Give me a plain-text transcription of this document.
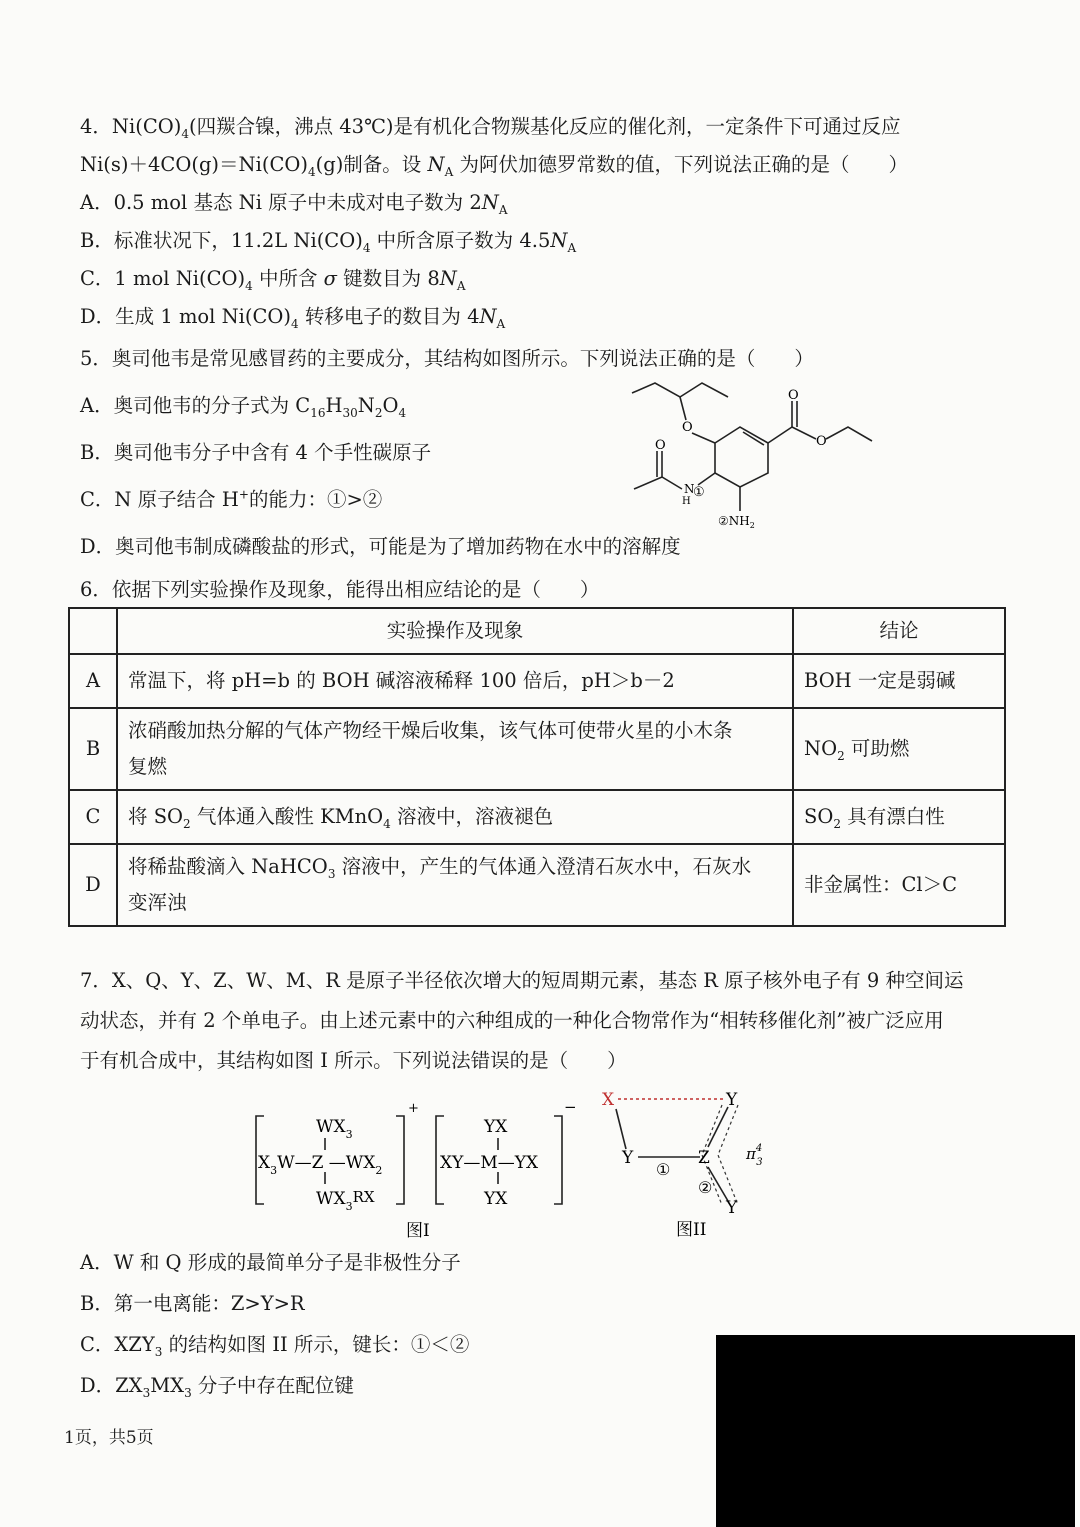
4．$Ni(CO)_4$(四羰合镍，沸点 43℃)是有机化合物羰基化反应的催化剂，一定条件下可通过反应
$Ni(s)+4CO(g)=Ni(CO)_4(g)$制备。设 $N_A$ 为阿伏加德罗常数的值，下列说法正确的是（　　）
A．0.5 mol 基态 Ni 原子中未成对电子数为 $2N_A$
B．标准状况下，11.2L $Ni(CO)_4$ 中所含原子数为 $4.5N_A$
C．1 mol $Ni(CO)_4$ 中所含 σ 键数目为 $8N_A$
D．生成 1 mol $Ni(CO)_4$ 转移电子的数目为 $4N_A$
5．奥司他韦是常见感冒药的主要成分，其结构如图所示。下列说法正确的是（　　）
A．奥司他韦的分子式为 $C_{16}H_{30}N_2O_4$
B．奥司他韦分子中含有 4 个手性碳原子
C．N 原子结合 H+的能力：①>②
D．奥司他韦制成磷酸盐的形式，可能是为了增加药物在水中的溶解度
O
O
O
O
N
H
①
$②NH_2$
6．依据下列实验操作及现象，能得出相应结论的是（　　）
	实验操作及现象	结论
A	常温下，将 pH=b 的 BOH 碱溶液稀释 100 倍后，pH＞b－2	BOH 一定是弱碱
B	浓硝酸加热分解的气体产物经干燥后收集，该气体可使带火星的小木条
复燃	$NO_2$ 可助燃
C	将 $SO_2$ 气体通入酸性 KMnO$_4$ 溶液中，溶液褪色	$SO_2$ 具有漂白性
D	将稀盐酸滴入 NaHCO$_3$ 溶液中，产生的气体通入澄清石灰水中，石灰水
变浑浊	非金属性：Cl＞C
7．X、Q、Y、Z、W、M、R 是原子半径依次增大的短周期元素，基态 R 原子核外电子有 9 种空间运
动状态，并有 2 个单电子。由上述元素中的六种组成的一种化合物常作为“相转移催化剂”被广泛应用
于有机合成中，其结构如图 I 所示。下列说法错误的是（　　）
$WX_3$
$X_3W—Z$ $—WX_2$
$WX_3RX$
+
YX
XY—M—YX
YX
−
图I
X	Y
Y	Z
Y
①
②
$\pi^4$ 3
图II
A．W 和 Q 形成的最简单分子是非极性分子
B．第一电离能：Z>Y>R
C．$XZY_3$ 的结构如图 II 所示，键长：①＜②
D．$ZX_3MX_3$ 分子中存在配位键
1页，共5页
